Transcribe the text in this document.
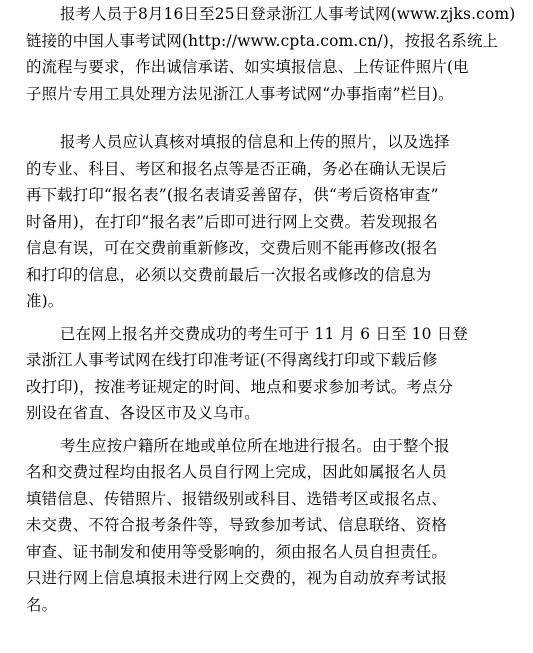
报考人员于8月16日至25日登录浙江人事考试网(www.zjks.com)
链接的中国人事考试网(http://www.cpta.com.cn/)，按报名系统上
的流程与要求，作出诚信承诺、如实填报信息、上传证件照片(电
子照片专用工具处理方法见浙江人事考试网“办事指南”栏目)。

报考人员应认真核对填报的信息和上传的照片，以及选择
的专业、科目、考区和报名点等是否正确，务必在确认无误后
再下载打印“报名表”(报名表请妥善留存，供“考后资格审查”
时备用)，在打印“报名表”后即可进行网上交费。若发现报名
信息有误，可在交费前重新修改，交费后则不能再修改(报名
和打印的信息，必须以交费前最后一次报名或修改的信息为
准)。

已在网上报名并交费成功的考生可于 11 月 6 日至 10 日登
录浙江人事考试网在线打印准考证(不得离线打印或下载后修
改打印)，按准考证规定的时间、地点和要求参加考试。考点分
别设在省直、各设区市及义乌市。

考生应按户籍所在地或单位所在地进行报名。由于整个报
名和交费过程均由报名人员自行网上完成，因此如属报名人员
填错信息、传错照片、报错级别或科目、选错考区或报名点、
未交费、不符合报考条件等，导致参加考试、信息联络、资格
审查、证书制发和使用等受影响的，须由报名人员自担责任。
只进行网上信息填报未进行网上交费的，视为自动放弃考试报
名。
